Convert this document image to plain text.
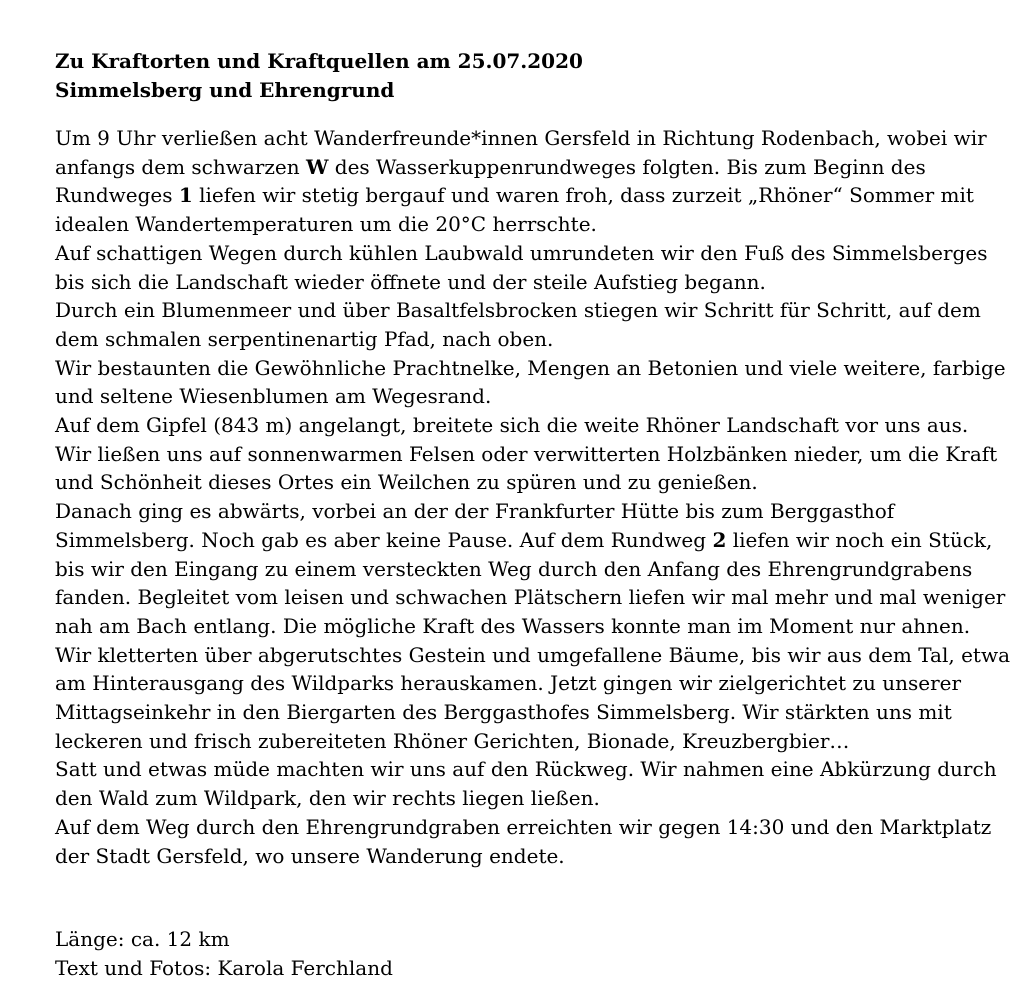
Zu Kraftorten und Kraftquellen am 25.07.2020
Simmelsberg und Ehrengrund
Um 9 Uhr verließen acht Wanderfreunde*innen Gersfeld in Richtung Rodenbach, wobei wir
anfangs dem schwarzen W des Wasserkuppenrundweges folgten. Bis zum Beginn des
Rundweges 1 liefen wir stetig bergauf und waren froh, dass zurzeit „Rhöner“ Sommer mit
idealen Wandertemperaturen um die 20°C herrschte.
Auf schattigen Wegen durch kühlen Laubwald umrundeten wir den Fuß des Simmelsberges
bis sich die Landschaft wieder öffnete und der steile Aufstieg begann.
Durch ein Blumenmeer und über Basaltfelsbrocken stiegen wir Schritt für Schritt, auf dem
dem schmalen serpentinenartig Pfad, nach oben.
Wir bestaunten die Gewöhnliche Prachtnelke, Mengen an Betonien und viele weitere, farbige
und seltene Wiesenblumen am Wegesrand.
Auf dem Gipfel (843 m) angelangt, breitete sich die weite Rhöner Landschaft vor uns aus.
Wir ließen uns auf sonnenwarmen Felsen oder verwitterten Holzbänken nieder, um die Kraft
und Schönheit dieses Ortes ein Weilchen zu spüren und zu genießen.
Danach ging es abwärts, vorbei an der der Frankfurter Hütte bis zum Berggasthof
Simmelsberg. Noch gab es aber keine Pause. Auf dem Rundweg 2 liefen wir noch ein Stück,
bis wir den Eingang zu einem versteckten Weg durch den Anfang des Ehrengrundgrabens
fanden. Begleitet vom leisen und schwachen Plätschern liefen wir mal mehr und mal weniger
nah am Bach entlang. Die mögliche Kraft des Wassers konnte man im Moment nur ahnen.
Wir kletterten über abgerutschtes Gestein und umgefallene Bäume, bis wir aus dem Tal, etwa
am Hinterausgang des Wildparks herauskamen. Jetzt gingen wir zielgerichtet zu unserer
Mittagseinkehr in den Biergarten des Berggasthofes Simmelsberg. Wir stärkten uns mit
leckeren und frisch zubereiteten Rhöner Gerichten, Bionade, Kreuzbergbier…
Satt und etwas müde machten wir uns auf den Rückweg. Wir nahmen eine Abkürzung durch
den Wald zum Wildpark, den wir rechts liegen ließen.
Auf dem Weg durch den Ehrengrundgraben erreichten wir gegen 14:30 und den Marktplatz
der Stadt Gersfeld, wo unsere Wanderung endete.
Länge: ca. 12 km
Text und Fotos: Karola Ferchland
